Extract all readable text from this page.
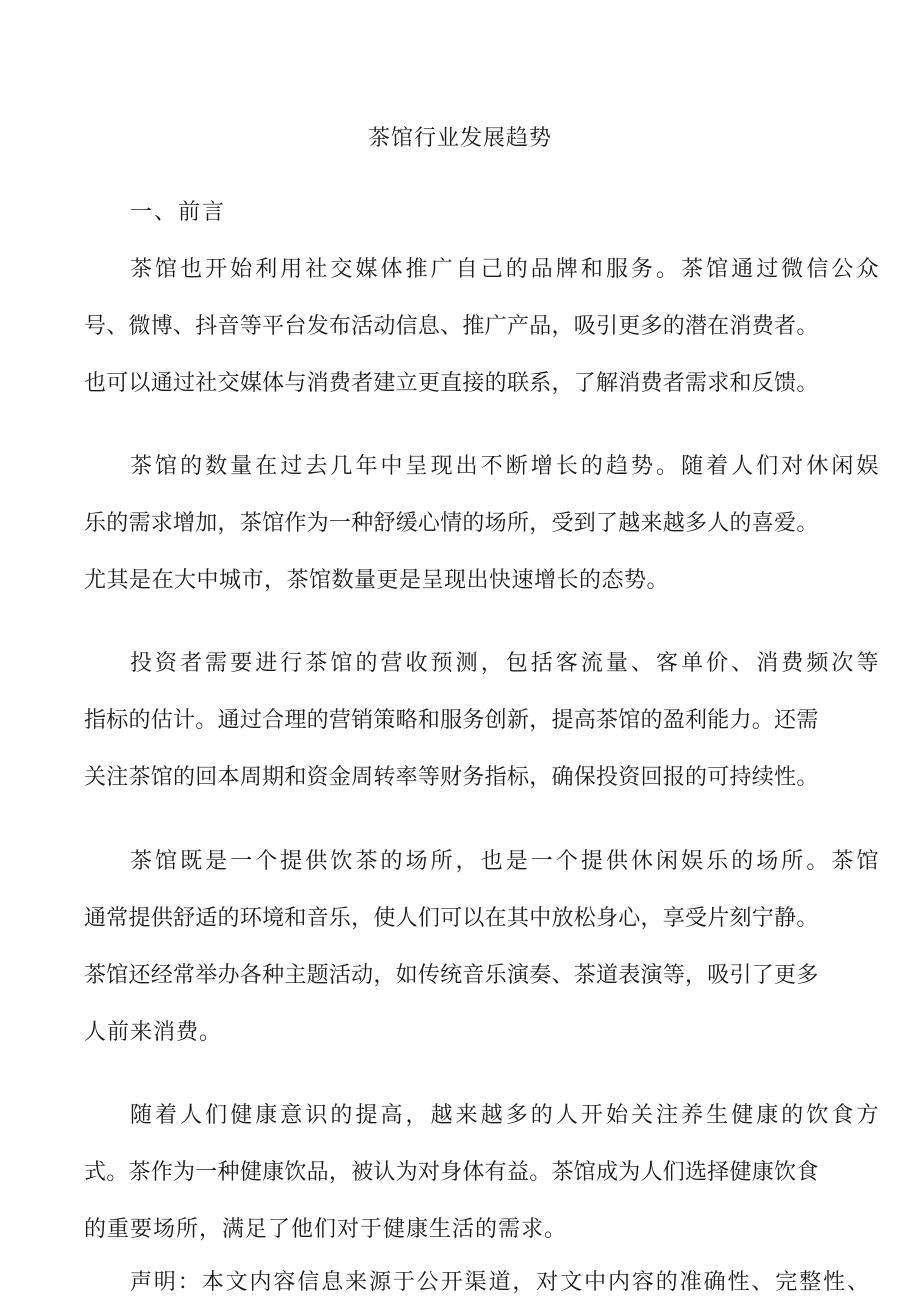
茶馆行业发展趋势
一、前言
茶馆也开始利用社交媒体推广自己的品牌和服务。茶馆通过微信公众
号、微博、抖音等平台发布活动信息、推广产品，吸引更多的潜在消费者。
也可以通过社交媒体与消费者建立更直接的联系，了解消费者需求和反馈。
茶馆的数量在过去几年中呈现出不断增长的趋势。随着人们对休闲娱
乐的需求增加，茶馆作为一种舒缓心情的场所，受到了越来越多人的喜爱。
尤其是在大中城市，茶馆数量更是呈现出快速增长的态势。
投资者需要进行茶馆的营收预测，包括客流量、客单价、消费频次等
指标的估计。通过合理的营销策略和服务创新，提高茶馆的盈利能力。还需
关注茶馆的回本周期和资金周转率等财务指标，确保投资回报的可持续性。
茶馆既是一个提供饮茶的场所，也是一个提供休闲娱乐的场所。茶馆
通常提供舒适的环境和音乐，使人们可以在其中放松身心，享受片刻宁静。
茶馆还经常举办各种主题活动，如传统音乐演奏、茶道表演等，吸引了更多
人前来消费。
随着人们健康意识的提高，越来越多的人开始关注养生健康的饮食方
式。茶作为一种健康饮品，被认为对身体有益。茶馆成为人们选择健康饮食
的重要场所，满足了他们对于健康生活的需求。
声明：本文内容信息来源于公开渠道，对文中内容的准确性、完整性、
